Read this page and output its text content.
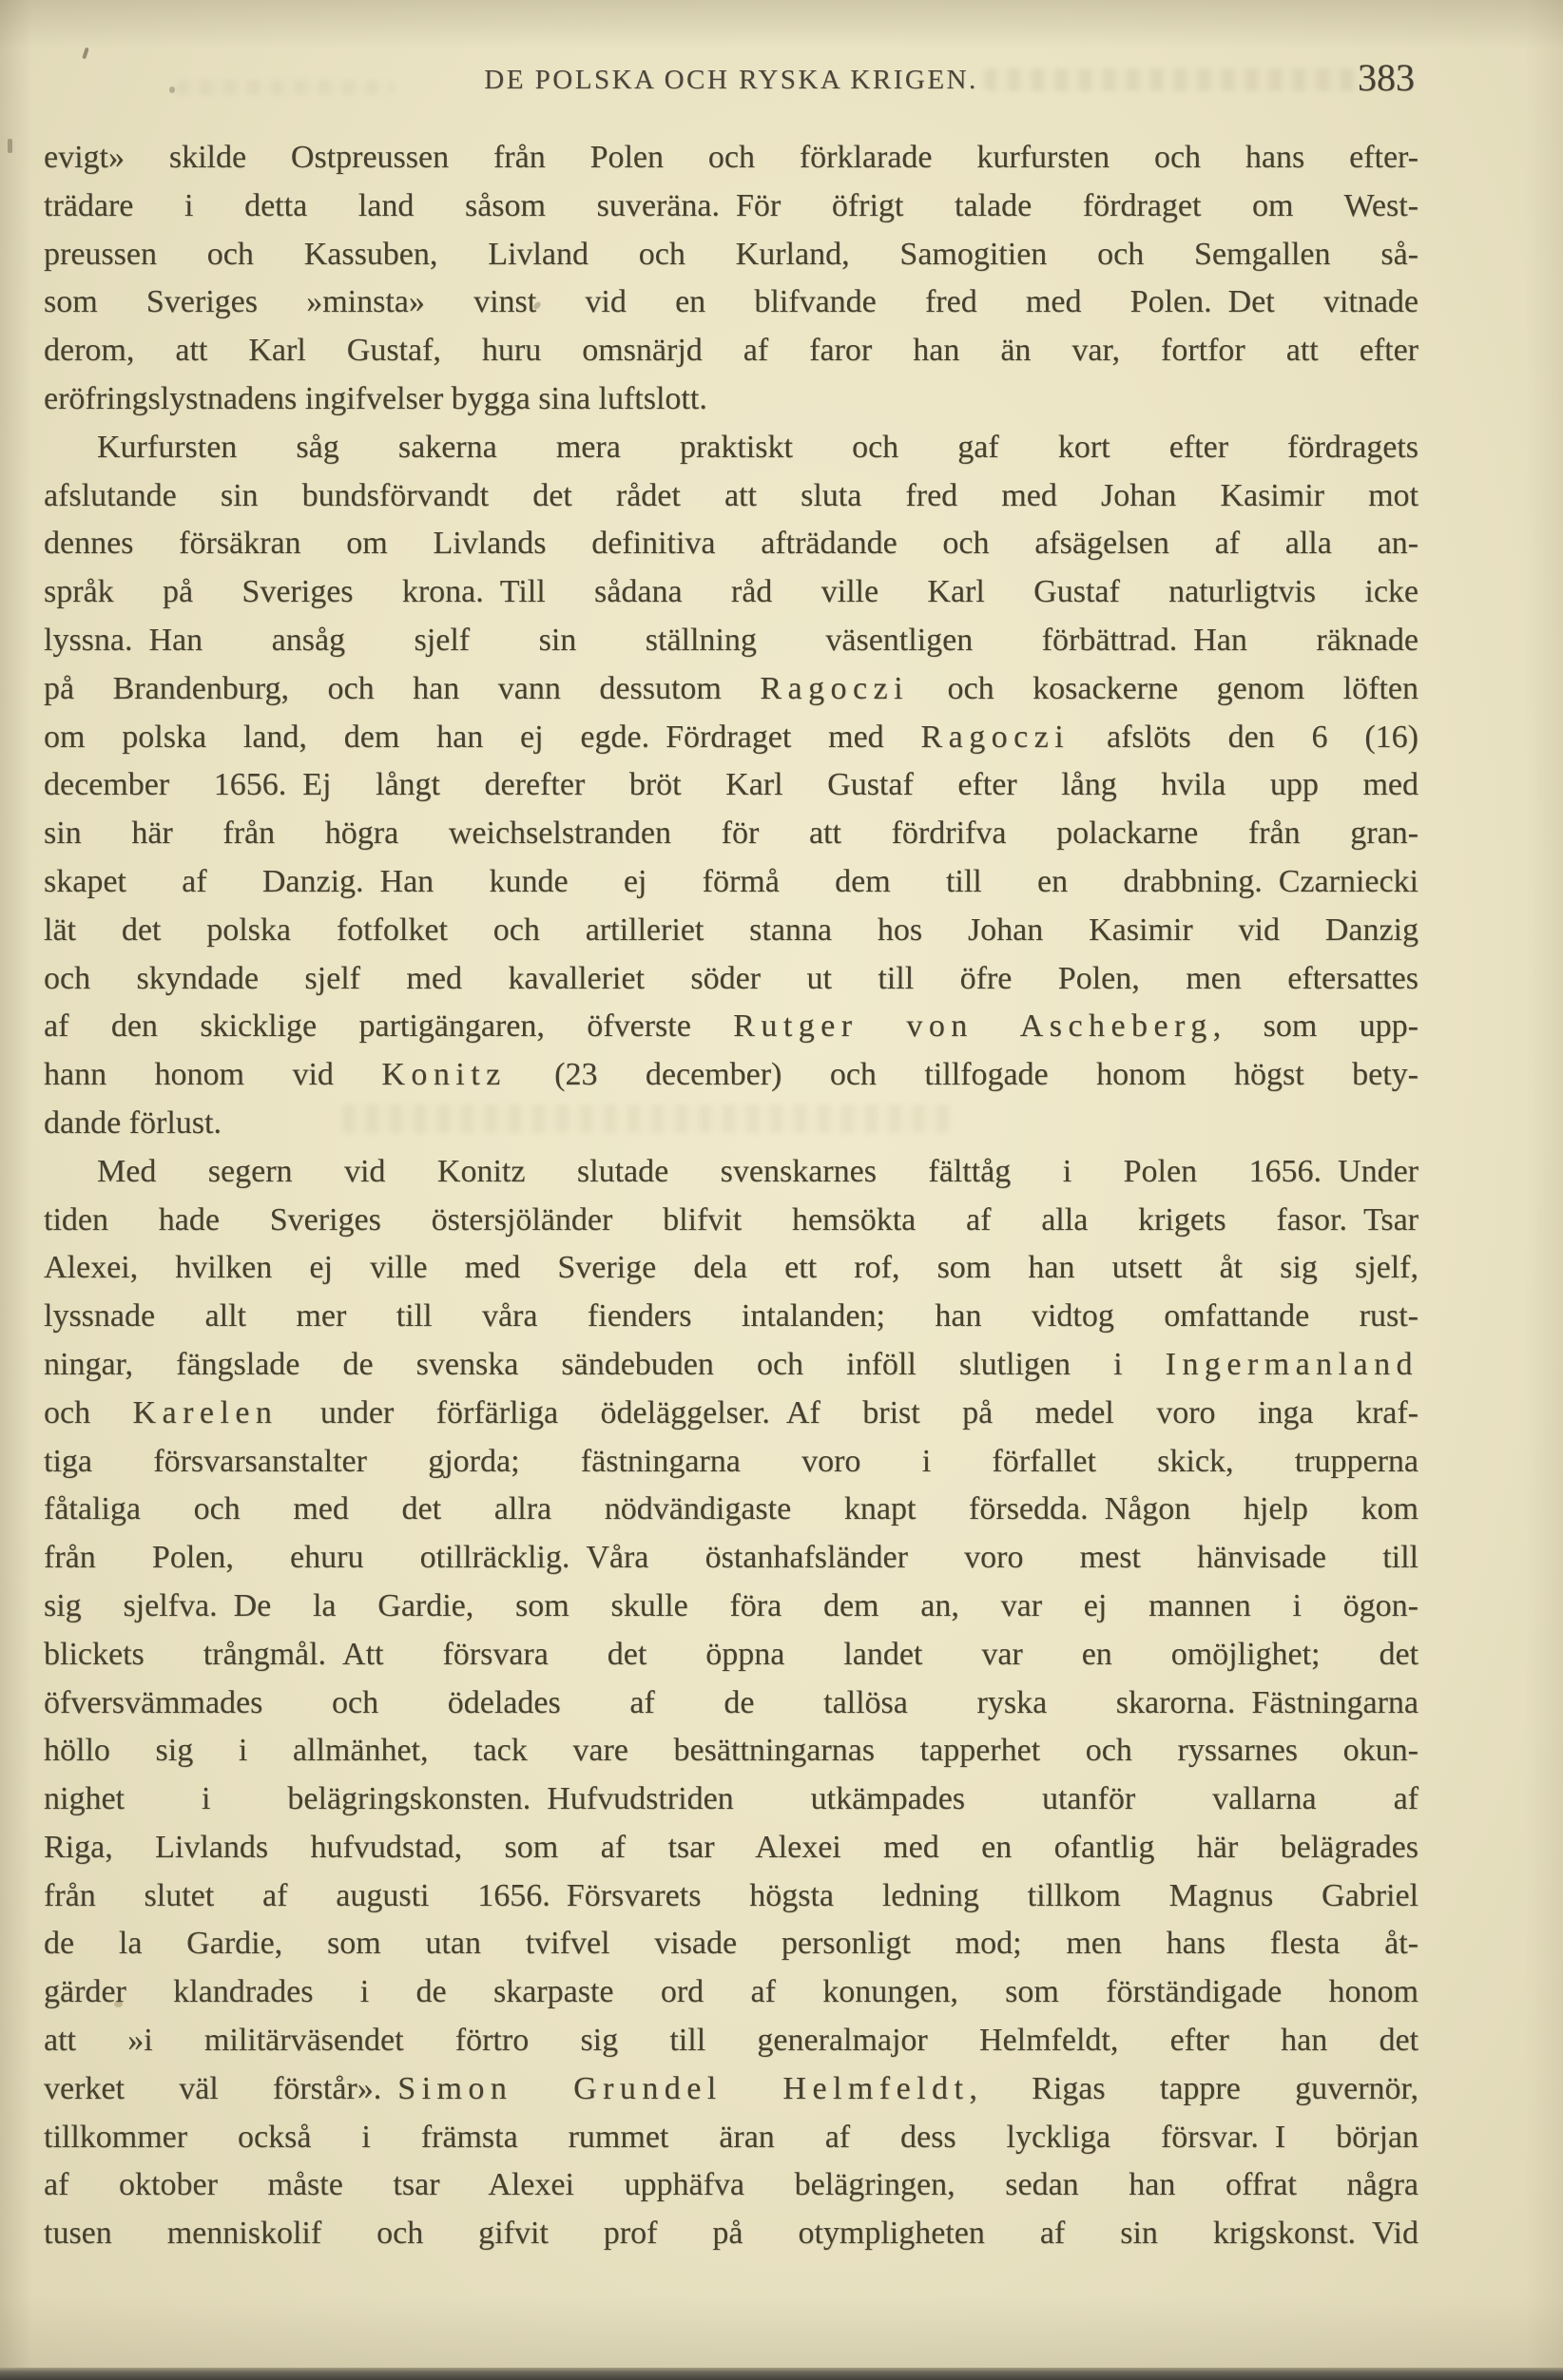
DE POLSKA OCH RYSKA KRIGEN.	383
evigt» skilde Ostpreussen från Polen och förklarade kurfursten och hans efter-
trädare i detta land såsom suveräna. För öfrigt talade fördraget om West-
preussen och Kassuben, Livland och Kurland, Samogitien och Semgallen så-
som Sveriges »minsta» vinst vid en blifvande fred med Polen. Det vitnade
derom, att Karl Gustaf, huru omsnärjd af faror han än var, fortfor att efter
eröfringslystnadens ingifvelser bygga sina luftslott.
Kurfursten såg sakerna mera praktiskt och gaf kort efter fördragets
afslutande sin bundsförvandt det rådet att sluta fred med Johan Kasimir mot
dennes försäkran om Livlands definitiva afträdande och afsägelsen af alla an-
språk på Sveriges krona. Till sådana råd ville Karl Gustaf naturligtvis icke
lyssna. Han ansåg sjelf sin ställning väsentligen förbättrad. Han räknade
på Brandenburg, och han vann dessutom Ragoczi och kosackerne genom löften
om polska land, dem han ej egde. Fördraget med Ragoczi afslöts den 6 (16)
december 1656. Ej långt derefter bröt Karl Gustaf efter lång hvila upp med
sin här från högra weichselstranden för att fördrifva polackarne från gran-
skapet af Danzig. Han kunde ej förmå dem till en drabbning. Czarniecki
lät det polska fotfolket och artilleriet stanna hos Johan Kasimir vid Danzig
och skyndade sjelf med kavalleriet söder ut till öfre Polen, men eftersattes
af den skicklige partigängaren, öfverste Rutger von Ascheberg, som upp-
hann honom vid Konitz (23 december) och tillfogade honom högst bety-
dande förlust.
Med segern vid Konitz slutade svenskarnes fälttåg i Polen 1656. Under
tiden hade Sveriges östersjöländer blifvit hemsökta af alla krigets fasor. Tsar
Alexei, hvilken ej ville med Sverige dela ett rof, som han utsett åt sig sjelf,
lyssnade allt mer till våra fienders intalanden; han vidtog omfattande rust-
ningar, fängslade de svenska sändebuden och inföll slutligen i Ingermanland
och Karelen under förfärliga ödeläggelser. Af brist på medel voro inga kraf-
tiga försvarsanstalter gjorda; fästningarna voro i förfallet skick, trupperna
fåtaliga och med det allra nödvändigaste knapt försedda. Någon hjelp kom
från Polen, ehuru otillräcklig. Våra östanhafsländer voro mest hänvisade till
sig sjelfva. De la Gardie, som skulle föra dem an, var ej mannen i ögon-
blickets trångmål. Att försvara det öppna landet var en omöjlighet; det
öfversvämmades och ödelades af de tallösa ryska skarorna. Fästningarna
höllo sig i allmänhet, tack vare besättningarnas tapperhet och ryssarnes okun-
nighet i belägringskonsten. Hufvudstriden utkämpades utanför vallarna af
Riga, Livlands hufvudstad, som af tsar Alexei med en ofantlig här belägrades
från slutet af augusti 1656. Försvarets högsta ledning tillkom Magnus Gabriel
de la Gardie, som utan tvifvel visade personligt mod; men hans flesta åt-
gärder klandrades i de skarpaste ord af konungen, som förständigade honom
att »i militärväsendet förtro sig till generalmajor Helmfeldt, efter han det
verket väl förstår». Simon Grundel Helmfeldt, Rigas tappre guvernör,
tillkommer också i främsta rummet äran af dess lyckliga försvar. I början
af oktober måste tsar Alexei upphäfva belägringen, sedan han offrat några
tusen menniskolif och gifvit prof på otympligheten af sin krigskonst. Vid
